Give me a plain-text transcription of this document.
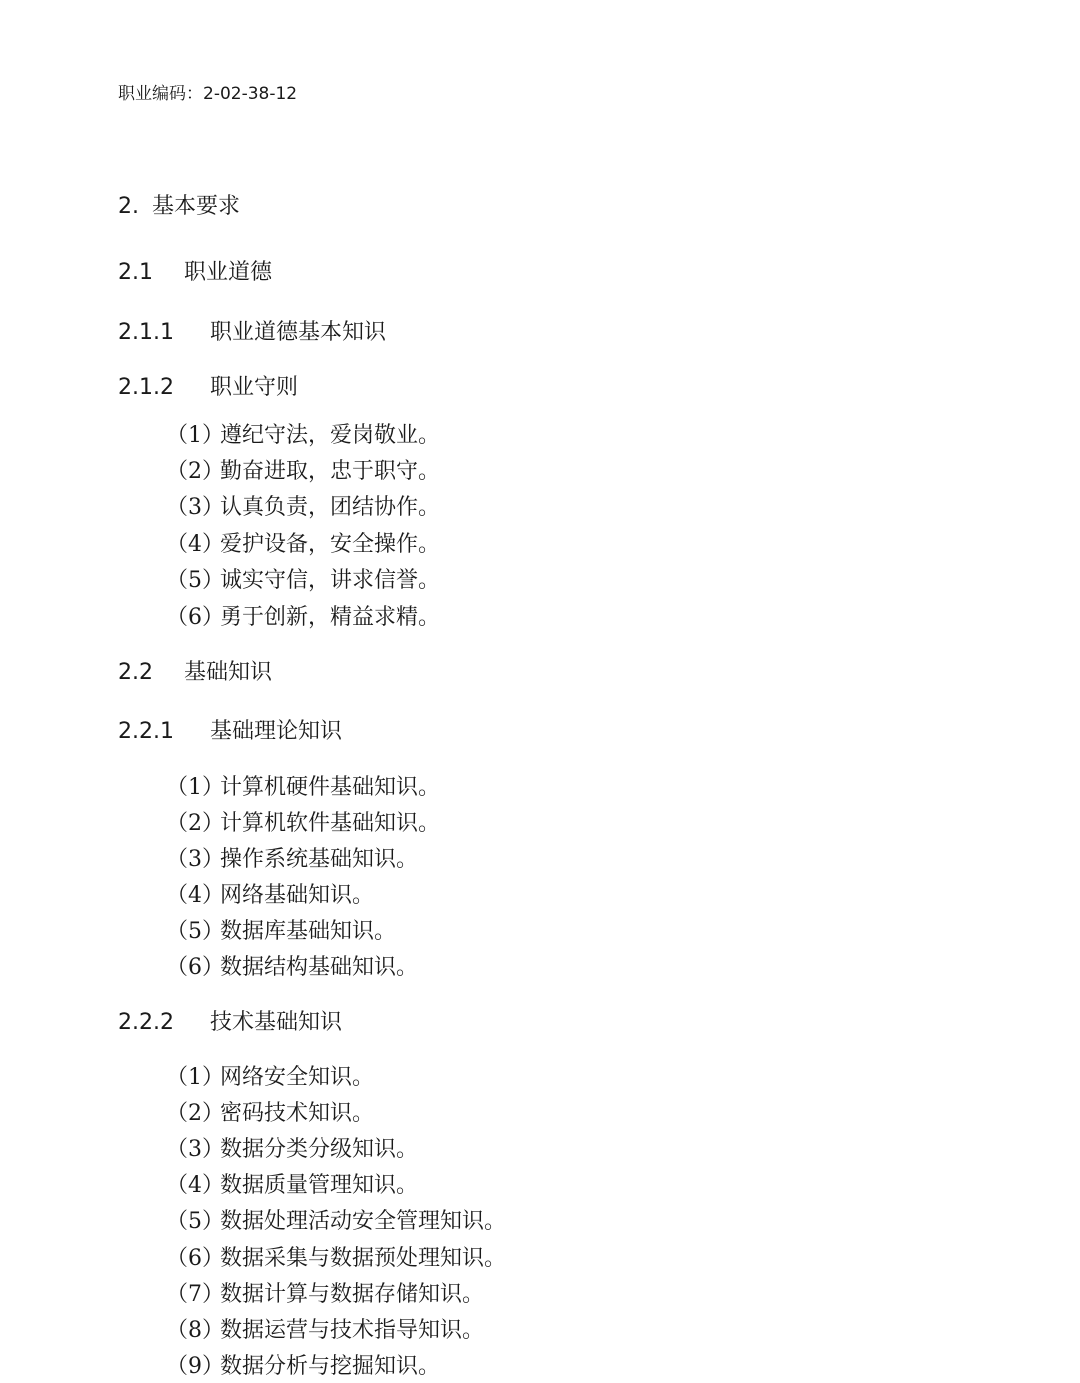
职业编码：2-02-38-12
2. 基本要求
2.1 职业道德
2.1.1 职业道德基本知识
2.1.2 职业守则
（1）遵纪守法，爱岗敬业。
（2）勤奋进取，忠于职守。
（3）认真负责，团结协作。
（4）爱护设备，安全操作。
（5）诚实守信，讲求信誉。
（6）勇于创新，精益求精。
2.2 基础知识
2.2.1 基础理论知识
（1）计算机硬件基础知识。
（2）计算机软件基础知识。
（3）操作系统基础知识。
（4）网络基础知识。
（5）数据库基础知识。
（6）数据结构基础知识。
2.2.2 技术基础知识
（1）网络安全知识。
（2）密码技术知识。
（3）数据分类分级知识。
（4）数据质量管理知识。
（5）数据处理活动安全管理知识。
（6）数据采集与数据预处理知识。
（7）数据计算与数据存储知识。
（8）数据运营与技术指导知识。
（9）数据分析与挖掘知识。
